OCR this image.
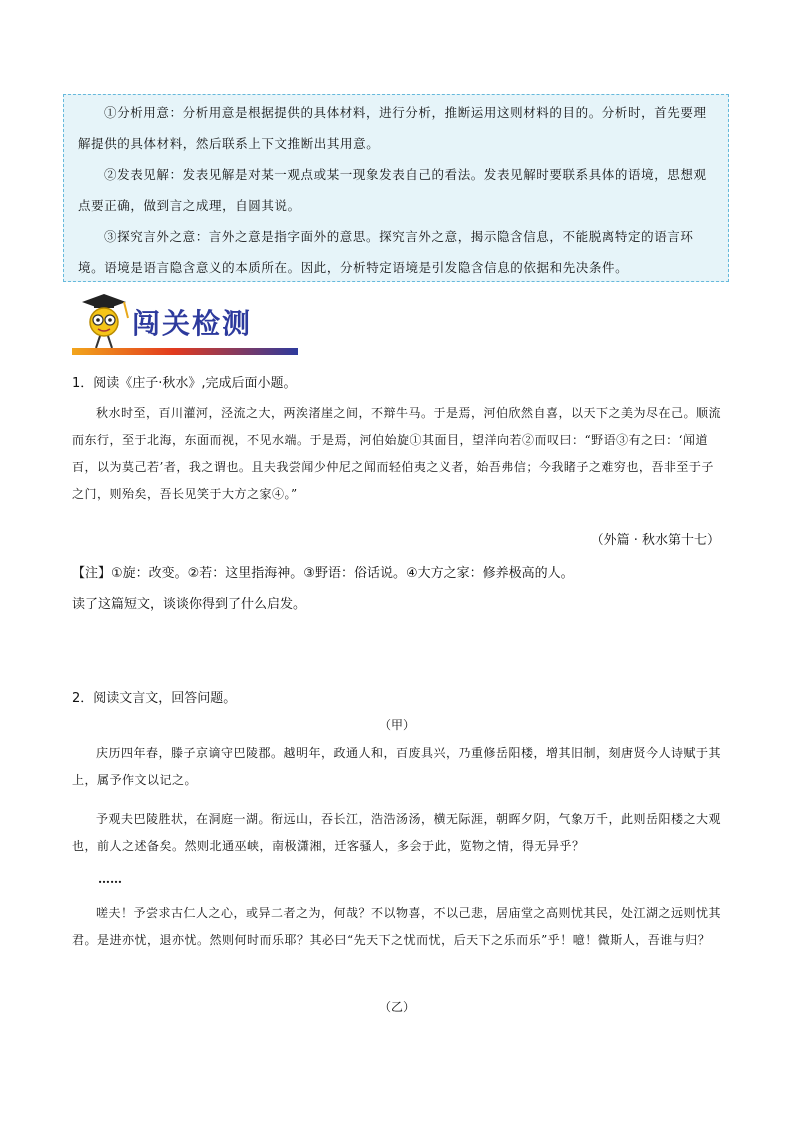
①分析用意：分析用意是根据提供的具体材料，进行分析，推断运用这则材料的目的。分析时，首先要理解提供的具体材料，然后联系上下文推断出其用意。

②发表见解：发表见解是对某一观点或某一现象发表自己的看法。发表见解时要联系具体的语境，思想观点要正确，做到言之成理，自圆其说。

③探究言外之意：言外之意是指字面外的意思。探究言外之意，揭示隐含信息，不能脱离特定的语言环境。语境是语言隐含意义的本质所在。因此，分析特定语境是引发隐含信息的依据和先决条件。

闯关检测
1．阅读《庄子·秋水》,完成后面小题。

秋水时至，百川灌河，泾流之大，两涘渚崖之间，不辩牛马。于是焉，河伯欣然自喜，以天下之美为尽在己。顺流而东行，至于北海，东面而视，不见水端。于是焉，河伯始旋①其面目，望洋向若②而叹曰：“野语③有之曰：‘闻道百，以为莫己若’者，我之谓也。且夫我尝闻少仲尼之闻而轻伯夷之义者，始吾弗信；今我睹子之难穷也，吾非至于子之门，则殆矣，吾长见笑于大方之家④。”

（外篇 · 秋水第十七）
【注】①旋：改变。②若：这里指海神。③野语：俗话说。④大方之家：修养极高的人。
读了这篇短文，谈谈你得到了什么启发。
2．阅读文言文，回答问题。
（甲）

庆历四年春，滕子京谪守巴陵郡。越明年，政通人和，百废具兴，乃重修岳阳楼，增其旧制，刻唐贤今人诗赋于其上，属予作文以记之。

予观夫巴陵胜状，在洞庭一湖。衔远山，吞长江，浩浩汤汤，横无际涯，朝晖夕阴，气象万千，此则岳阳楼之大观也，前人之述备矣。然则北通巫峡，南极潇湘，迁客骚人，多会于此，览物之情，得无异乎？

……

嗟夫！予尝求古仁人之心，或异二者之为，何哉？不以物喜，不以己悲，居庙堂之高则忧其民，处江湖之远则忧其君。是进亦忧，退亦忧。然则何时而乐耶？其必曰“先天下之忧而忧，后天下之乐而乐”乎！噫！微斯人，吾谁与归？

（乙）
